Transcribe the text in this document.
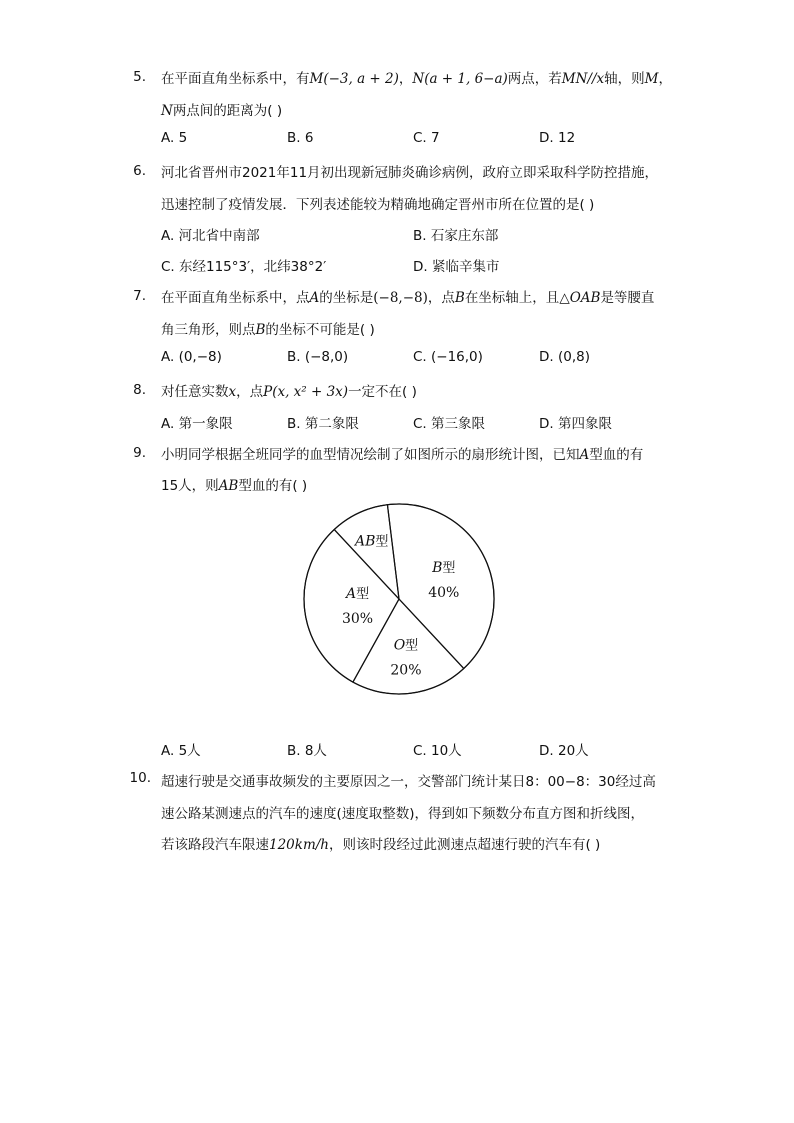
5. 在平面直角坐标系中，有M(−3, a + 2)，N(a + 1, 6−a)两点，若MN//x轴，则M，
N两点间的距离为( )
A. 5	B. 6	C. 7	D. 12
6. 河北省晋州市2021年11月初出现新冠肺炎确诊病例，政府立即采取科学防控措施，
迅速控制了疫情发展．下列表述能较为精确地确定晋州市所在位置的是( )
A. 河北省中南部	B. 石家庄东部
C. 东经115°3′，北纬38°2′	D. 紧临辛集市
7. 在平面直角坐标系中，点A的坐标是(−8,−8)，点B在坐标轴上，且△OAB是等腰直
角三角形，则点B的坐标不可能是( )
A. (0,−8)	B. (−8,0)	C. (−16,0)	D. (0,8)
8. 对任意实数x，点P(x, x² + 3x)一定不在( )
A. 第一象限	B. 第二象限	C. 第三象限	D. 第四象限
9. 小明同学根据全班同学的血型情况绘制了如图所示的扇形统计图，已知A型血的有
15人，则AB型血的有( )
B型
40%
O型
20%
A型
30%
AB型
A. 5人	B. 8人	C. 10人	D. 20人
10. 超速行驶是交通事故频发的主要原因之一，交警部门统计某日8：00−8：30经过高
速公路某测速点的汽车的速度(速度取整数)，得到如下频数分布直方图和折线图，
若该路段汽车限速120km/h，则该时段经过此测速点超速行驶的汽车有( )
